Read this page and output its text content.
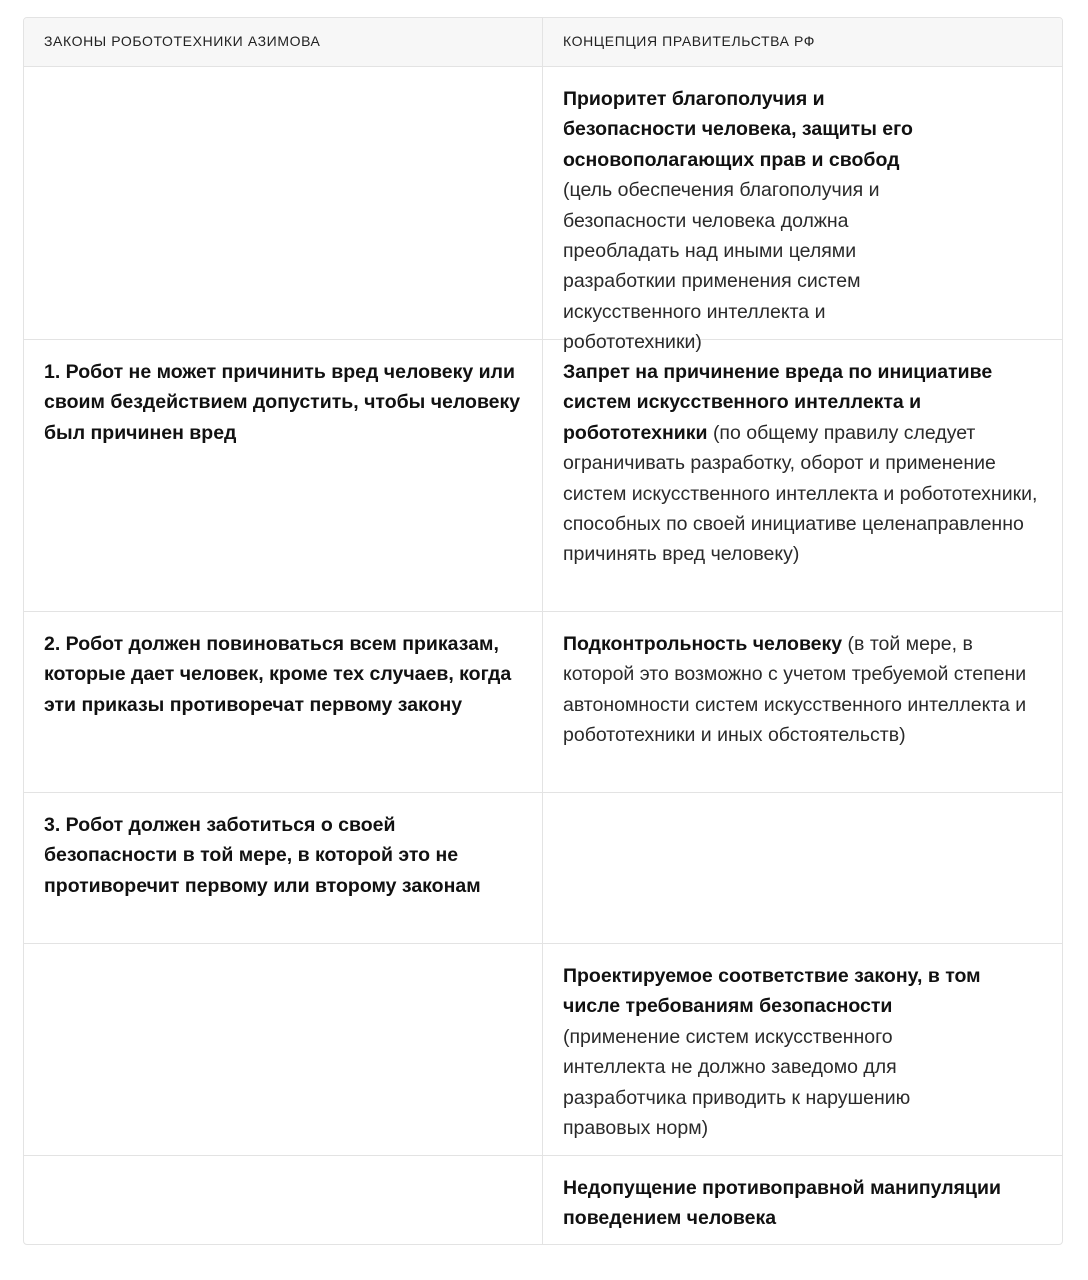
ЗАКОНЫ РОБОТОТЕХНИКИ АЗИМОВА	КОНЦЕПЦИЯ ПРАВИТЕЛЬСТВА РФ
Приоритет благополучия и безопасности человека, защиты его основополагающих прав и свобод
(цель обеспечения благополучия и безопасности человека должна преобладать над иными целями разработкии применения систем искусственного интеллекта и робототехники)
1. Робот не может причинить вред человеку или своим бездействием допустить, чтобы человеку был причинен вред
Запрет на причинение вреда по инициативе систем искусственного интеллекта и робототехники (по общему правилу следует ограничивать разработку, оборот и применение систем искусственного интеллекта и робототехники, способных по своей инициативе целенаправленно причинять вред человеку)
2. Робот должен повиноваться всем приказам, которые дает человек, кроме тех случаев, когда эти приказы противоречат первому закону
Подконтрольность человеку (в той мере, в которой это возможно с учетом требуемой степени автономности систем искусственного интеллекта и робототехники и иных обстоятельств)
3. Робот должен заботиться о своей безопасности в той мере, в которой это не противоречит первому или второму законам
Проектируемое соответствие закону, в том числе требованиям безопасности
(применение систем искусственного интеллекта не должно заведомо для разработчика приводить к нарушению правовых норм)
Недопущение противоправной манипуляции поведением человека
